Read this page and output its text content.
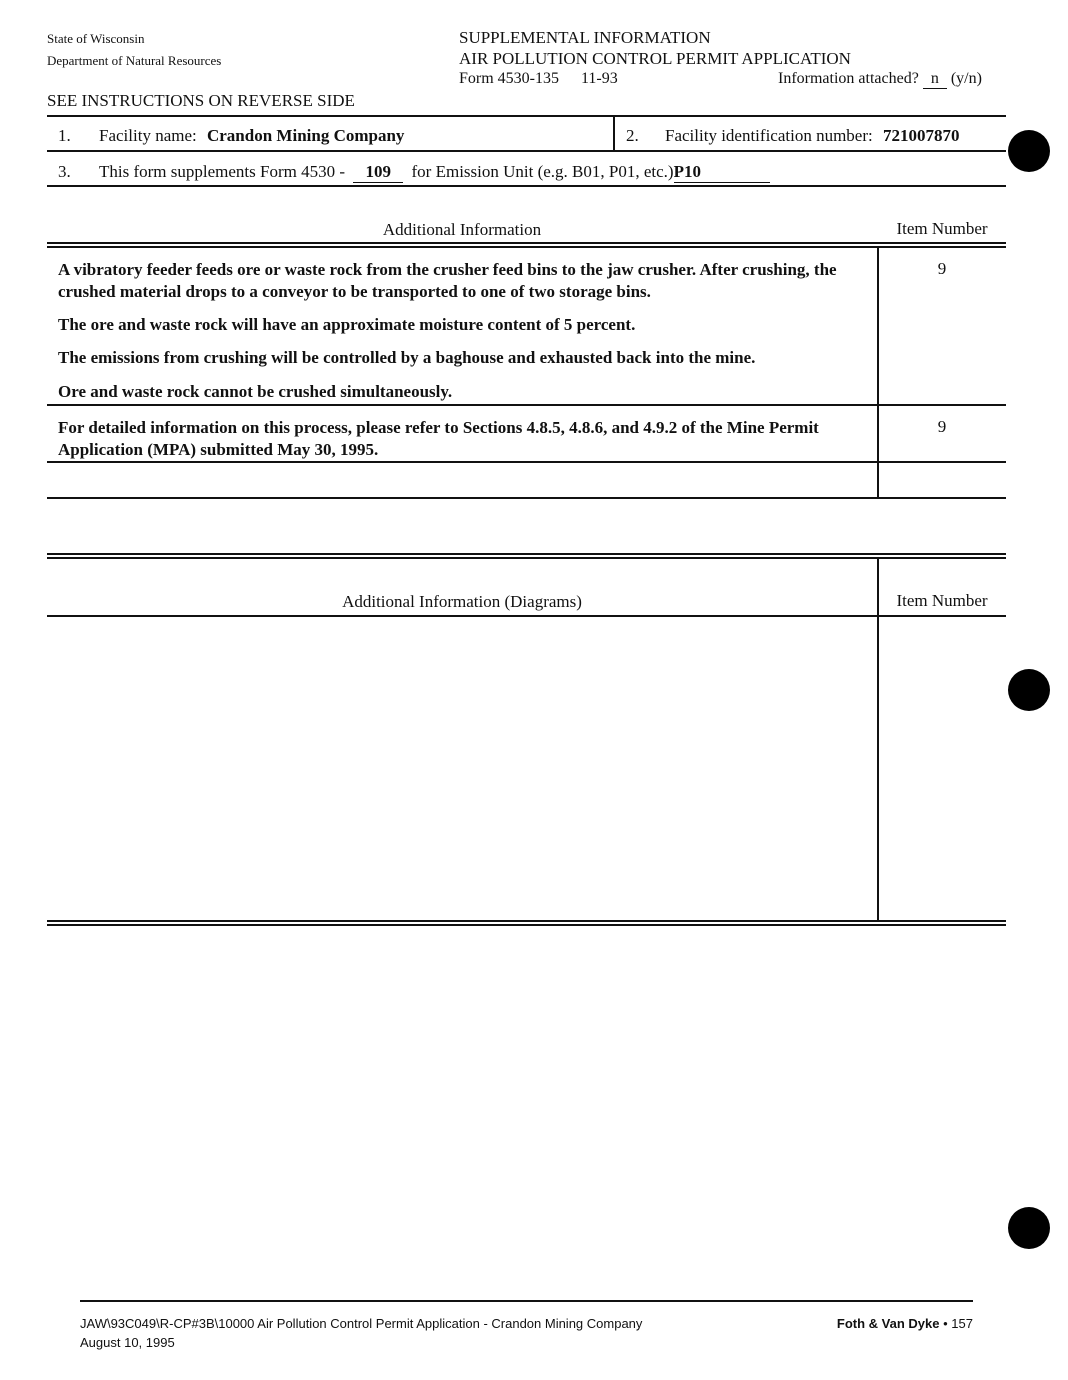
State of Wisconsin
Department of Natural Resources
SEE INSTRUCTIONS ON REVERSE SIDE
SUPPLEMENTAL INFORMATION
AIR POLLUTION CONTROL PERMIT APPLICATION
Form 4530-135 11-93	Information attached? n (y/n)
1. Facility name: Crandon Mining Company	2. Facility identification number: 721007870
3. This form supplements Form 4530 - 109 for Emission Unit (e.g. B01, P01, etc.)P10
Additional Information	Item Number
A vibratory feeder feeds ore or waste rock from the crusher feed bins to the jaw crusher. After crushing, the crushed material drops to a conveyor to be transported to one of two storage bins.
The ore and waste rock will have an approximate moisture content of 5 percent.
The emissions from crushing will be controlled by a baghouse and exhausted back into the mine.
Ore and waste rock cannot be crushed simultaneously.
9
For detailed information on this process, please refer to Sections 4.8.5, 4.8.6, and 4.9.2 of the Mine Permit Application (MPA) submitted May 30, 1995.
9
Additional Information (Diagrams)	Item Number
JAW\93C049\R-CP#3B\10000 Air Pollution Control Permit Application - Crandon Mining Company
August 10, 1995
Foth & Van Dyke • 157
